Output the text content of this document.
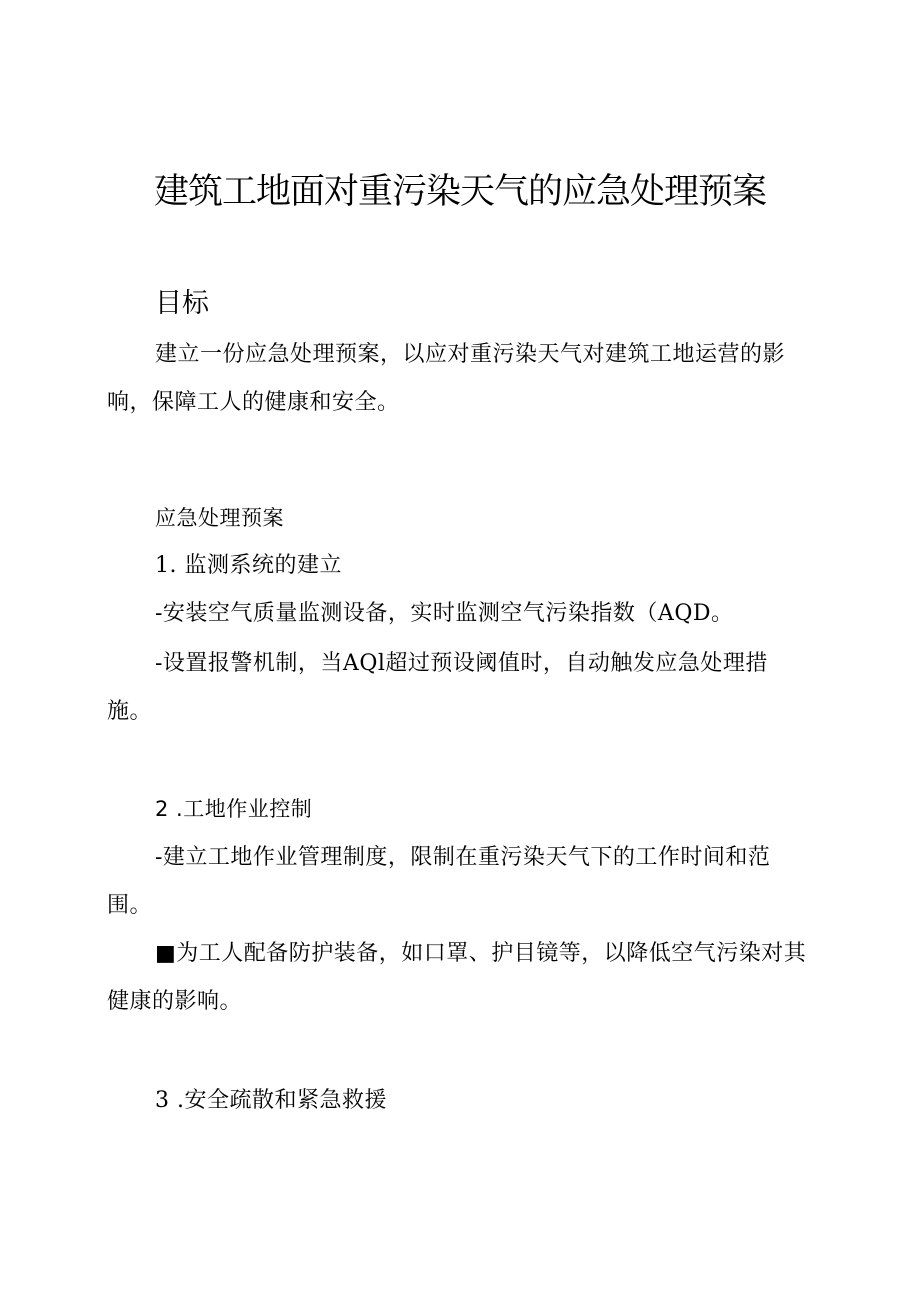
建筑工地面对重污染天气的应急处理预案
目标

建立一份应急处理预案，以应对重污染天气对建筑工地运营的影响，保障工人的健康和安全。

应急处理预案

1. 监测系统的建立

-安装空气质量监测设备，实时监测空气污染指数（AQD。

-设置报警机制，当AQl超过预设阈值时，自动触发应急处理措施。

2 .工地作业控制

-建立工地作业管理制度，限制在重污染天气下的工作时间和范围。

■为工人配备防护装备，如口罩、护目镜等，以降低空气污染对其健康的影响。

3 .安全疏散和紧急救援
